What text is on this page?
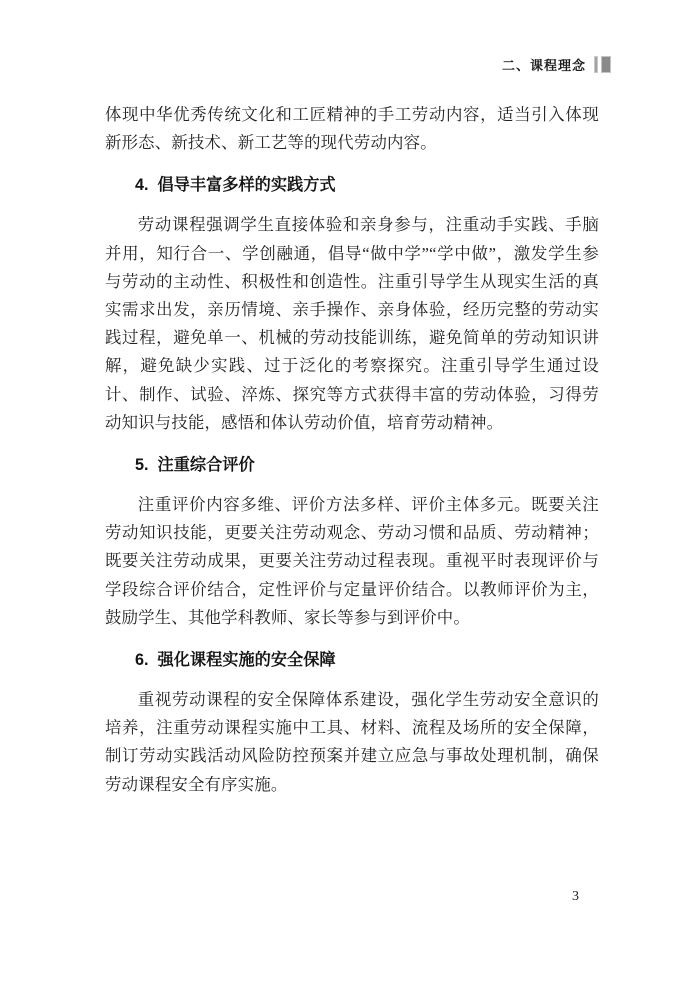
二、课程理念

体现中华优秀传统文化和工匠精神的手工劳动内容，适当引入体现新形态、新技术、新工艺等的现代劳动内容。

4. 倡导丰富多样的实践方式

劳动课程强调学生直接体验和亲身参与，注重动手实践、手脑并用，知行合一、学创融通，倡导“做中学”“学中做”，激发学生参与劳动的主动性、积极性和创造性。注重引导学生从现实生活的真实需求出发，亲历情境、亲手操作、亲身体验，经历完整的劳动实践过程，避免单一、机械的劳动技能训练，避免简单的劳动知识讲解，避免缺少实践、过于泛化的考察探究。注重引导学生通过设计、制作、试验、淬炼、探究等方式获得丰富的劳动体验，习得劳动知识与技能，感悟和体认劳动价值，培育劳动精神。

5. 注重综合评价

注重评价内容多维、评价方法多样、评价主体多元。既要关注劳动知识技能，更要关注劳动观念、劳动习惯和品质、劳动精神；既要关注劳动成果，更要关注劳动过程表现。重视平时表现评价与学段综合评价结合，定性评价与定量评价结合。以教师评价为主，鼓励学生、其他学科教师、家长等参与到评价中。

6. 强化课程实施的安全保障

重视劳动课程的安全保障体系建设，强化学生劳动安全意识的培养，注重劳动课程实施中工具、材料、流程及场所的安全保障，制订劳动实践活动风险防控预案并建立应急与事故处理机制，确保劳动课程安全有序实施。

3
